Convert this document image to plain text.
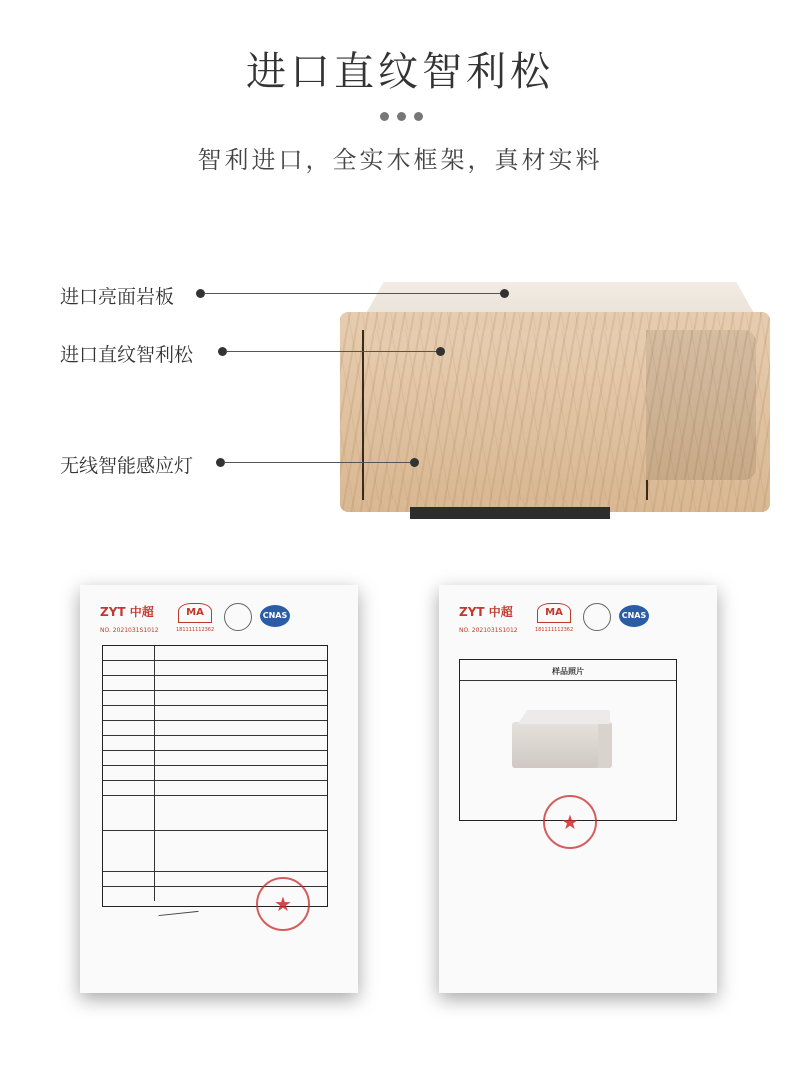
进口直纹智利松
智利进口，全实木框架，真材实料
进口亮面岩板
进口直纹智利松
无线智能感应灯
ZYT 中超
NO. 2021031S1012
MA
181111112362
CNAS
★	ZYT 中超
NO. 2021031S1012
MA
181111112362
CNAS
样品照片
★
